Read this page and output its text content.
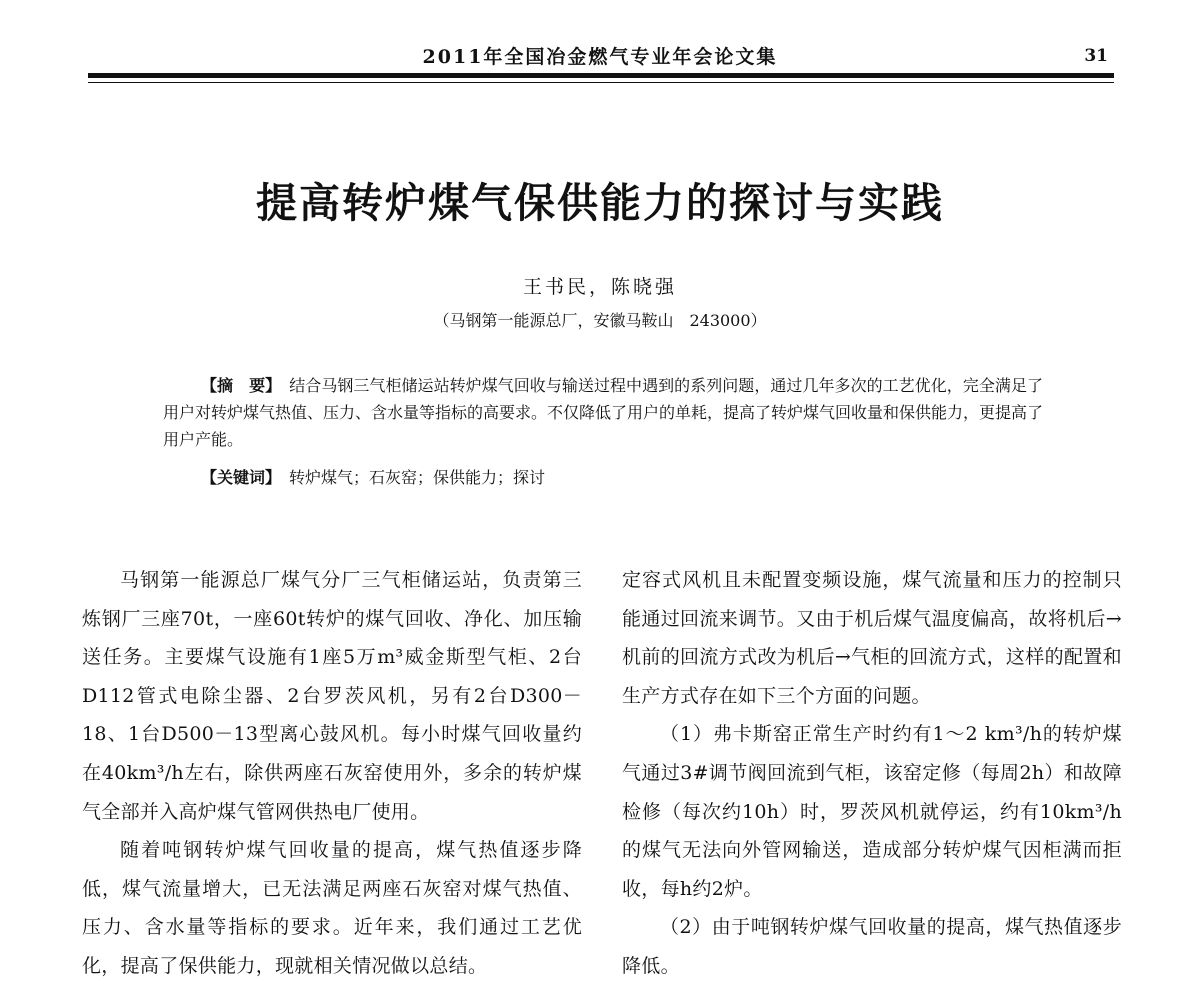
2011年全国冶金燃气专业年会论文集	31
提高转炉煤气保供能力的探讨与实践
王书民，陈晓强
（马钢第一能源总厂，安徽马鞍山　243000）

【摘　要】  结合马钢三气柜储运站转炉煤气回收与输送过程中遇到的系列问题，通过几年多次的工艺优化，完全满足了用户对转炉煤气热值、压力、含水量等指标的高要求。不仅降低了用户的单耗，提高了转炉煤气回收量和保供能力，更提高了用户产能。

【关键词】  转炉煤气；石灰窑；保供能力；探讨

马钢第一能源总厂煤气分厂三气柜储运站，负责第三炼钢厂三座70t，一座60t转炉的煤气回收、净化、加压输送任务。主要煤气设施有1座5万m³威金斯型气柜、2台D112管式电除尘器、2台罗茨风机，另有2台D300－18、1台D500－13型离心鼓风机。每小时煤气回收量约在40km³/h左右，除供两座石灰窑使用外，多余的转炉煤气全部并入高炉煤气管网供热电厂使用。

随着吨钢转炉煤气回收量的提高，煤气热值逐步降低，煤气流量增大，已无法满足两座石灰窑对煤气热值、压力、含水量等指标的要求。近年来，我们通过工艺优化，提高了保供能力，现就相关情况做以总结。

定容式风机且未配置变频设施，煤气流量和压力的控制只能通过回流来调节。又由于机后煤气温度偏高，故将机后→机前的回流方式改为机后→气柜的回流方式，这样的配置和生产方式存在如下三个方面的问题。

（1）弗卡斯窑正常生产时约有1～2 km³/h的转炉煤气通过3#调节阀回流到气柜，该窑定修（每周2h）和故障检修（每次约10h）时，罗茨风机就停运，约有10km³/h的煤气无法向外管网输送，造成部分转炉煤气因柜满而拒收，每h约2炉。

（2）由于吨钢转炉煤气回收量的提高，煤气热值逐步降低。
